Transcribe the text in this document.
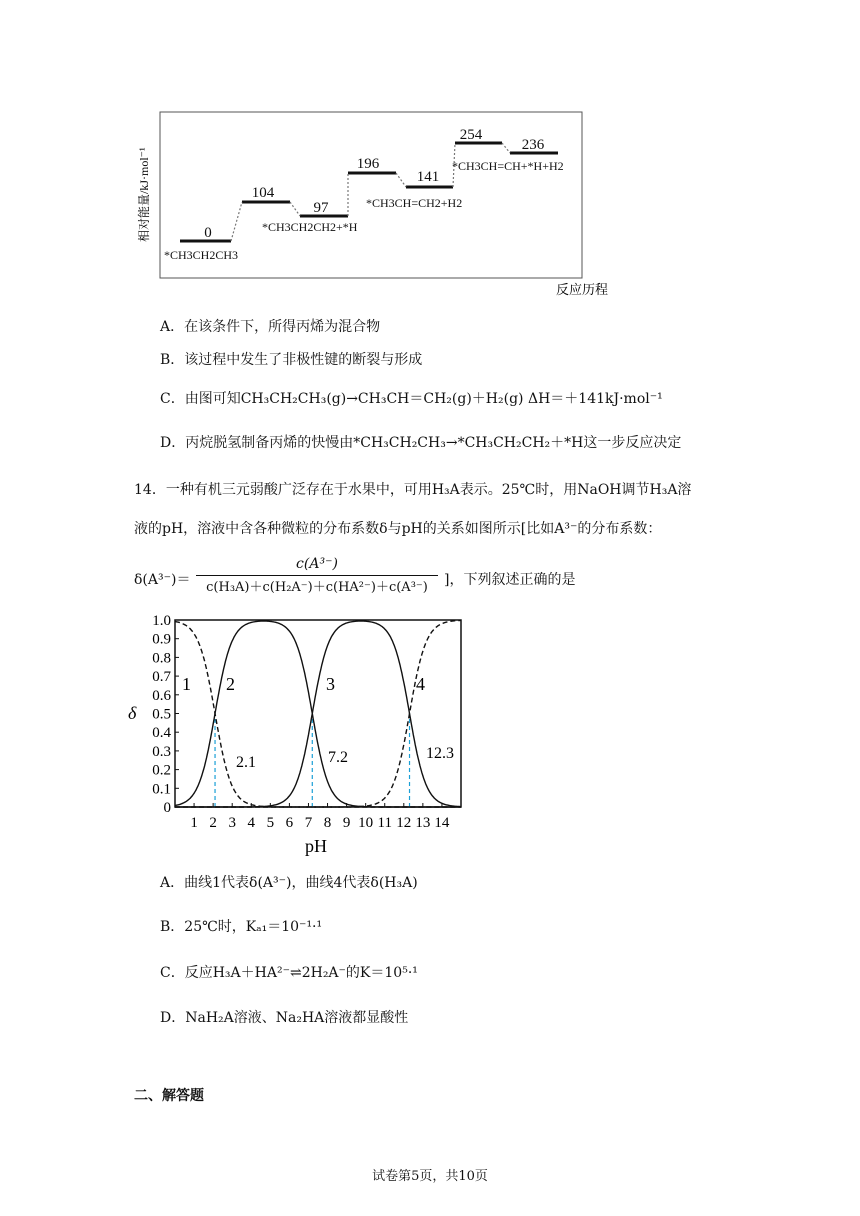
相对能量/kJ·mol⁻¹
反应历程
0
104
97
196
141
254
236
*CH3CH2CH3
*CH3CH2CH2+*H
*CH3CH=CH2+H2
*CH3CH=CH+*H+H2
A．在该条件下，所得丙烯为混合物
B．该过程中发生了非极性键的断裂与形成
C．由图可知CH₃CH₂CH₃(g)→CH₃CH＝CH₂(g)＋H₂(g) ΔH＝＋141kJ·mol⁻¹
D．丙烷脱氢制备丙烯的快慢由*CH₃CH₂CH₃→*CH₃CH₂CH₂＋*H这一步反应决定
14．一种有机三元弱酸广泛存在于水果中，可用H₃A表示。25℃时，用NaOH调节H₃A溶
液的pH，溶液中含各种微粒的分布系数δ与pH的关系如图所示[比如A³⁻的分布系数：
δ(A³⁻)＝
c(A³⁻)
c(H₃A)＋c(H₂A⁻)＋c(HA²⁻)＋c(A³⁻)	]，下列叙述正确的是
0
0.1
0.2
0.3
0.4
0.5
0.6
0.7
0.8
0.9
1.0
1 2 3 4 5 6 7 8 9 10 11 12 13 14
δ
pH
1 2	3	4
2.1	7.2	12.3
A．曲线1代表δ(A³⁻)，曲线4代表δ(H₃A)
B．25℃时，Kₐ₁＝10⁻¹·¹
C．反应H₃A＋HA²⁻⇌2H₂A⁻的K＝10⁵·¹
D．NaH₂A溶液、Na₂HA溶液都显酸性
二、解答题
试卷第5页，共10页
